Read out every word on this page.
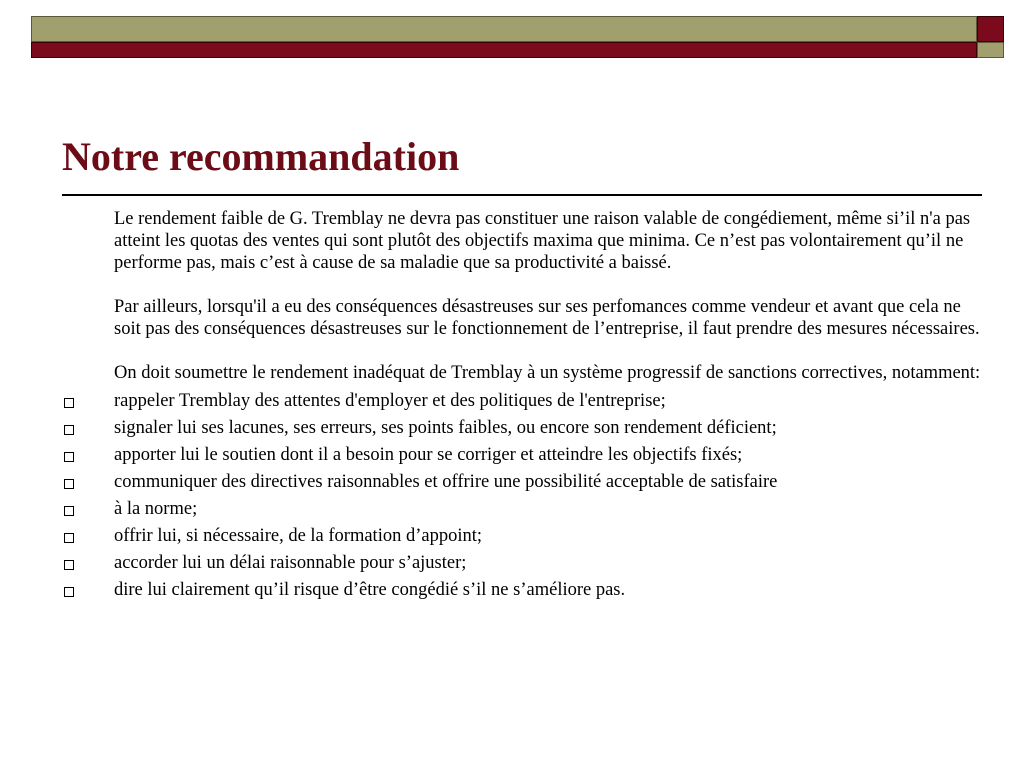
Notre recommandation

Le rendement faible de G. Tremblay ne devra pas constituer une raison valable de congédiement, même si’il n'a pas atteint les quotas des ventes qui sont plutôt des objectifs maxima que minima. Ce n’est pas volontairement qu’il ne performe pas, mais c’est à cause de sa maladie que sa productivité a baissé.

Par ailleurs, lorsqu'il a eu des conséquences désastreuses sur ses perfomances comme vendeur et avant que cela ne soit pas des conséquences désastreuses sur le fonctionnement de l’entreprise, il faut prendre des mesures nécessaires.

On doit soumettre le rendement inadéquat de Tremblay à un système progressif de sanctions correctives, notamment:

rappeler Tremblay des attentes d'employer et des politiques de l'entreprise;
signaler lui ses lacunes, ses erreurs, ses points faibles, ou encore son rendement déficient;
apporter lui le soutien dont il a besoin pour se corriger et atteindre les objectifs fixés;
communiquer des directives raisonnables et offrire une possibilité acceptable de satisfaire
à la norme;
offrir lui, si nécessaire, de la formation d’appoint;
accorder lui un délai raisonnable pour s’ajuster;
dire lui clairement qu’il risque d’être congédié s’il ne s’améliore pas.
